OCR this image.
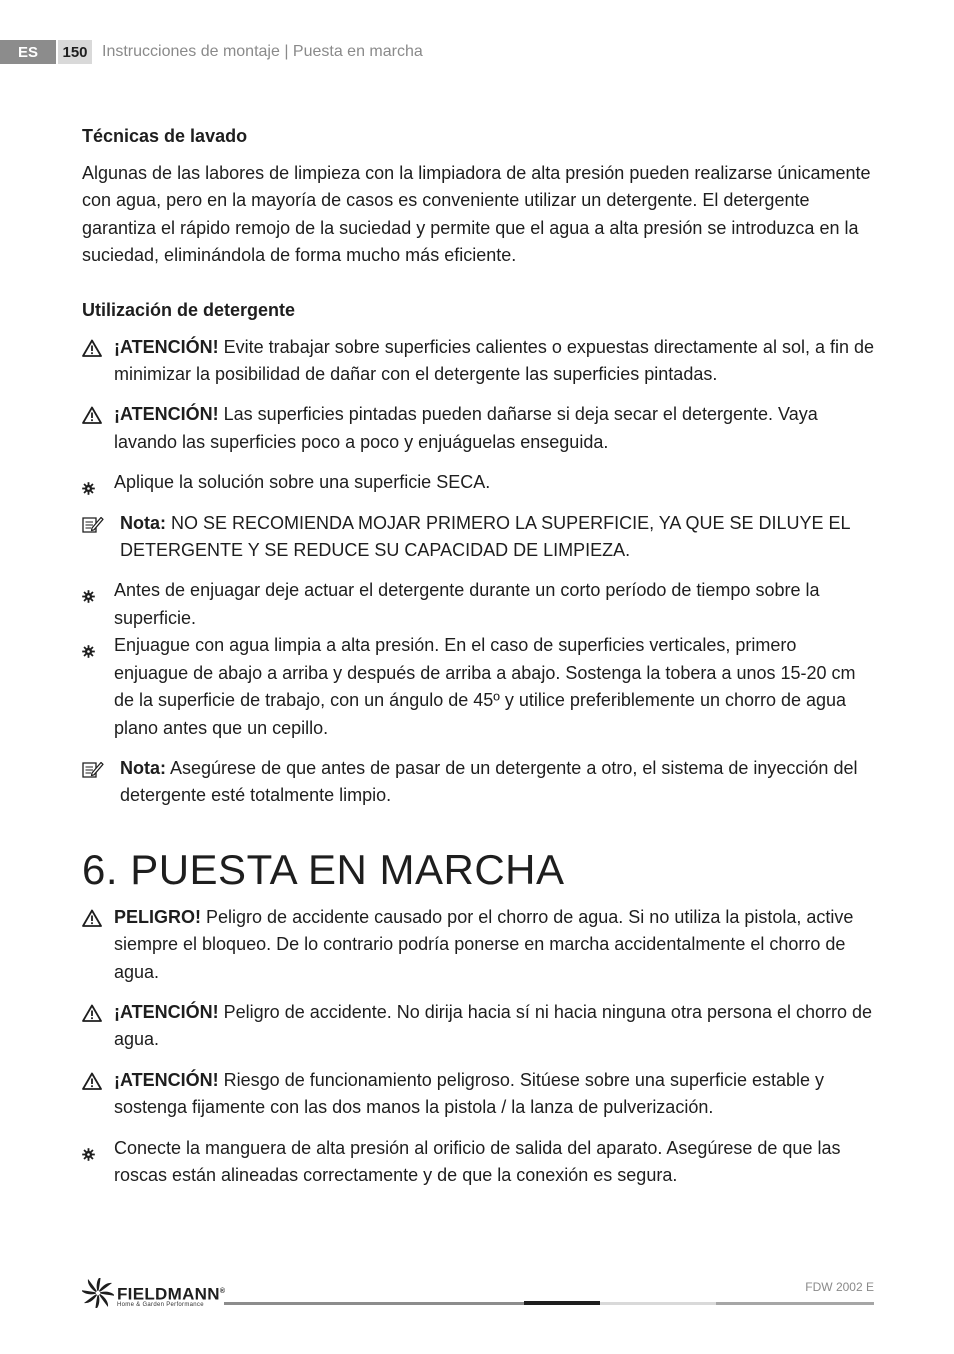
ES	150 Instrucciones de montaje | Puesta en marcha
Técnicas de lavado

Algunas de las labores de limpieza con la limpiadora de alta presión pueden realizarse únicamente con agua, pero en la mayoría de casos es conveniente utilizar un detergente. El detergente garantiza el rápido remojo de la suciedad y permite que el agua a alta presión se introduzca en la suciedad, eliminándola de forma mucho más eficiente.

Utilización de detergente
¡ATENCIÓN! Evite trabajar sobre superficies calientes o expuestas directamente al sol, a fin de minimizar la posibilidad de dañar con el detergente las superficies pintadas.
¡ATENCIÓN! Las superficies pintadas pueden dañarse si deja secar el detergente. Vaya lavando las superficies poco a poco y enjuáguelas enseguida.
Aplique la solución sobre una superficie SECA.
Nota: NO SE RECOMIENDA MOJAR PRIMERO LA SUPERFICIE, YA QUE SE DILUYE EL DETERGENTE Y SE REDUCE SU CAPACIDAD DE LIMPIEZA.
Antes de enjuagar deje actuar el detergente durante un corto período de tiempo sobre la superficie.
Enjuague con agua limpia a alta presión. En el caso de superficies verticales, primero enjuague de abajo a arriba y después de arriba a abajo. Sostenga la tobera a unos 15-20 cm de la superficie de trabajo, con un ángulo de 45º y utilice preferiblemente un chorro de agua plano antes que un cepillo.
Nota: Asegúrese de que antes de pasar de un detergente a otro, el sistema de inyección del detergente esté totalmente limpio.
6. PUESTA EN MARCHA
PELIGRO! Peligro de accidente causado por el chorro de agua. Si no utiliza la pistola, active siempre el bloqueo. De lo contrario podría ponerse en marcha accidentalmente el chorro de agua.
¡ATENCIÓN! Peligro de accidente. No dirija hacia sí ni hacia ninguna otra persona el chorro de agua.
¡ATENCIÓN! Riesgo de funcionamiento peligroso. Sitúese sobre una superficie estable y sostenga fijamente con las dos manos la pistola / la lanza de pulverización.
Conecte la manguera de alta presión al orificio de salida del aparato. Asegúrese de que las roscas están alineadas correctamente y de que la conexión es segura.
FIELDMANN®
Home & Garden Performance
FDW 2002 E
